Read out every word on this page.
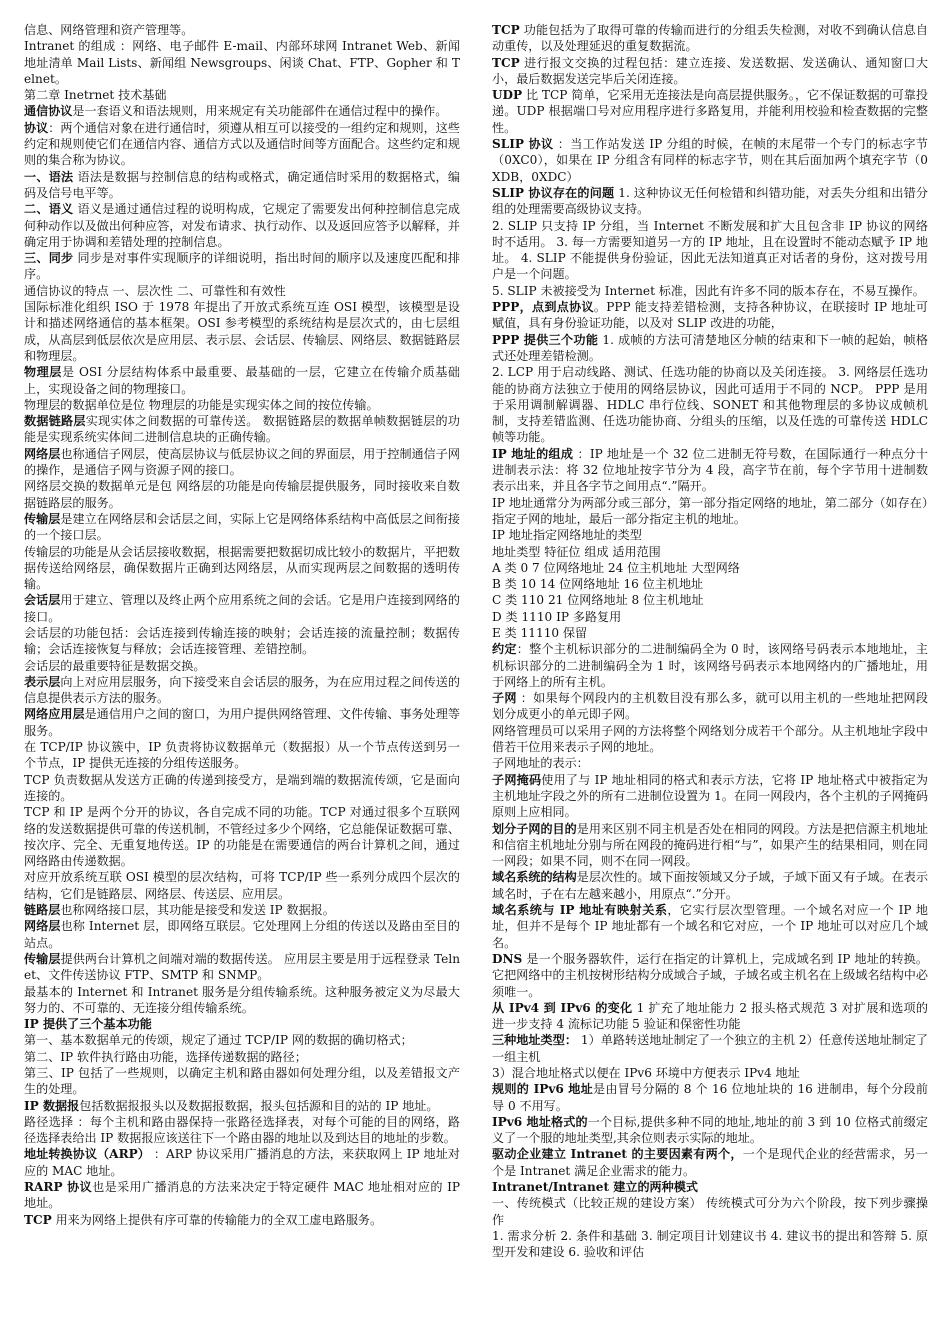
信息、网络管理和资产管理等。

Intranet 的组成 ：网络、电子邮件 E-mail、内部环球网 Intranet Web、新闻地址清单 Mail Lists、新闻组 Newsgroups、闲谈 Chat、FTP、Gopher 和 Telnet。

第二章 Inetrnet 技术基础

通信协议是一套语义和语法规则，用来规定有关功能部件在通信过程中的操作。

协议：两个通信对象在进行通信时，须遵从相互可以接受的一组约定和规则，这些约定和规则使它们在通信内容、通信方式以及通信时间等方面配合。这些约定和规则的集合称为协议。

一、语法 语法是数据与控制信息的结构或格式，确定通信时采用的数据格式，编码及信号电平等。

二、语义 语义是通过通信过程的说明构成，它规定了需要发出何种控制信息完成何种动作以及做出何种应答，对发布请求、执行动作、以及返回应答予以解释，并确定用于协调和差错处理的控制信息。

三、同步 同步是对事件实现顺序的详细说明，指出时间的顺序以及速度匹配和排序。

通信协议的特点 一、层次性 二、可靠性和有效性

国际标准化组织 ISO 于 1978 年提出了开放式系统互连 OSI 模型，该模型是设计和描述网络通信的基本框架。OSI 参考模型的系统结构是层次式的，由七层组成，从高层到低层依次是应用层、表示层、会话层、传输层、网络层、数据链路层和物理层。

物理层是 OSI 分层结构体系中最重要、最基础的一层，它建立在传输介质基础上，实现设备之间的物理接口。

物理层的数据单位是位 物理层的功能是实现实体之间的按位传输。

数据链路层实现实体之间数据的可靠传送。 数据链路层的数据单帧数据链层的功能是实现系统实体间二进制信息块的正确传输。

网络层也称通信子网层，使高层协议与低层协议之间的界面层，用于控制通信子网的操作，是通信子网与资源子网的接口。

网络层交换的数据单元是包 网络层的功能是向传输层提供服务，同时接收来自数据链路层的服务。

传输层是建立在网络层和会话层之间，实际上它是网络体系结构中高低层之间衔接的一个接口层。

传输层的功能是从会话层接收数据，根据需要把数据切成比较小的数据片，平把数据传送给网络层，确保数据片正确到达网络层，从而实现两层之间数据的透明传输。

会话层用于建立、管理以及终止两个应用系统之间的会话。它是用户连接到网络的接口。

会话层的功能包括：会话连接到传输连接的映射；会话连接的流量控制；数据传输；会话连接恢复与释放；会话连接管理、差错控制。

会话层的最重要特征是数据交换。

表示层向上对应用层服务，向下接受来自会话层的服务，为在应用过程之间传送的信息提供表示方法的服务。

网络应用层是通信用户之间的窗口，为用户提供网络管理、文件传输、事务处理等服务。

在 TCP/IP 协议簇中，IP 负责将协议数据单元（数据报）从一个节点传送到另一个节点，IP 提供无连接的分组传送服务。

TCP 负责数据从发送方正确的传递到接受方，是端到端的数据流传颂，它是面向连接的。

TCP 和 IP 是两个分开的协议，各自完成不同的功能。TCP 对通过很多个互联网络的发送数据提供可靠的传送机制，不管经过多少个网络，它总能保证数据可靠、按次序、完全、无重复地传送。IP 的功能是在需要通信的两台计算机之间，通过网络路由传递数据。

对应开放系统互联 OSI 模型的层次结构，可将 TCP/IP 些一系列分成四个层次的结构，它们是链路层、网络层、传送层、应用层。

链路层也称网络接口层，其功能是接受和发送 IP 数据报。

网络层也称 Internet 层，即网络互联层。它处理网上分组的传送以及路由至目的站点。

传输层提供两台计算机之间端对端的数据传送。 应用层主要是用于远程登录 Telnet、文件传送协议 FTP、SMTP 和 SNMP。

最基本的 Internet 和 Intranet 服务是分组传输系统。这种服务被定义为尽最大努力的、不可靠的、无连接分组传输系统。

IP 提供了三个基本功能

第一、基本数据单元的传颂，规定了通过 TCP/IP 网的数据的确切格式；

第二、IP 软件执行路由功能，选择传递数据的路径；

第三、IP 包括了一些规则，以确定主机和路由器如何处理分组，以及差错报文产生的处理。

IP 数据报包括数据报报头以及数据报数据，报头包括源和目的站的 IP 地址。

路径选择 ：每个主机和路由器保持一张路径选择表，对每个可能的目的网络，路径选择表给出 IP 数据报应该送往下一个路由器的地址以及到达目的地址的步数。

地址转换协议（ARP） ：ARP 协议采用广播消息的方法，来获取网上 IP 地址对应的 MAC 地址。

RARP 协议也是采用广播消息的方法来决定于特定硬件 MAC 地址相对应的 IP 地址。

TCP 用来为网络上提供有序可靠的传输能力的全双工虚电路服务。

TCP 功能包括为了取得可靠的传输而进行的分组丢失检测，对收不到确认信息自动重传，以及处理延迟的重复数据流。

TCP 进行报文交换的过程包括：建立连接、发送数据、发送确认、通知窗口大小，最后数据发送完毕后关闭连接。

UDP 比 TCP 简单，它采用无连接法是向高层提供服务。，它不保证数据的可靠投递。UDP 根据端口号对应用程序进行多路复用，并能利用校验和检查数据的完整性。

SLIP 协议 ：当工作站发送 IP 分组的时候，在帧的末尾带一个专门的标志字节（0XC0），如果在 IP 分组含有同样的标志字节，则在其后面加两个填充字节（0XDB，0XDC）

SLIP 协议存在的问题 1. 这种协议无任何检错和纠错功能，对丢失分组和出错分组的处理需要高级协议支持。

2. SLIP 只支持 IP 分组，当 Internet 不断发展和扩大且包含非 IP 协议的网络时不适用。 3. 每一方需要知道另一方的 IP 地址，且在设置时不能动态赋予 IP 地址。 4. SLIP 不能提供身份验证，因此无法知道真正对话者的身份，这对拨号用户是一个问题。

5. SLIP 未被接受为 Internet 标准，因此有许多不同的版本存在，不易互操作。

PPP，点到点协议。PPP 能支持差错检测，支持各种协议，在联接时 IP 地址可赋值，具有身份验证功能，以及对 SLIP 改进的功能，

PPP 提供三个功能 1. 成帧的方法可清楚地区分帧的结束和下一帧的起始，帧格式还处理差错检测。

2. LCP 用于启动线路、测试、任选功能的协商以及关闭连接。 3. 网络层任选功能的协商方法独立于使用的网络层协议，因此可适用于不同的 NCP。 PPP 是用于采用调制解调器、HDLC 串行位线、SONET 和其他物理层的多协议成帧机制，支持差错监测、任选功能协商、分组头的压缩，以及任选的可靠传送 HDLC 帧等功能。

IP 地址的组成 ：IP 地址是一个 32 位二进制无符号数，在国际通行一种点分十进制表示法：将 32 位地址按字节分为 4 段，高字节在前，每个字节用十进制数表示出来，并且各字节之间用点“.”隔开。

IP 地址通常分为两部分或三部分，第一部分指定网络的地址，第二部分（如存在）指定子网的地址，最后一部分指定主机的地址。

IP 地址指定网络地址的类型

地址类型 特征位 组成 适用范围

A 类 0 7 位网络地址 24 位主机地址 大型网络

B 类 10 14 位网络地址 16 位主机地址

C 类 110 21 位网络地址 8 位主机地址

D 类 1110 IP 多路复用

E 类 11110 保留

约定：整个主机标识部分的二进制编码全为 0 时，该网络号码表示本地地址，主机标识部分的二进制编码全为 1 时，该网络号码表示本地网络内的广播地址，用于网络上的所有主机。

子网 ：如果每个网段内的主机数目没有那么多，就可以用主机的一些地址把网段划分成更小的单元即子网。

网络管理员可以采用子网的方法将整个网络划分成若干个部分。从主机地址字段中借若干位用来表示子网的地址。

子网地址的表示：

子网掩码使用了与 IP 地址相同的格式和表示方法，它将 IP 地址格式中被指定为主机地址字段之外的所有二进制位设置为 1。在同一网段内，各个主机的子网掩码原则上应相同。

划分子网的目的是用来区别不同主机是否处在相同的网段。方法是把信源主机地址和信宿主机地址分别与所在网段的掩码进行相“与”，如果产生的结果相同，则在同一网段；如果不同，则不在同一网段。

域名系统的结构是层次性的。域下面按领域又分子域，子域下面又有子域。在表示域名时，子在右左越来越小，用原点“.”分开。

域名系统与 IP 地址有映射关系，它实行层次型管理。一个域名对应一个 IP 地址，但并不是每个 IP 地址都有一个域名和它对应，一个 IP 地址可以对应几个域名。

DNS 是一个服务器软件，运行在指定的计算机上，完成域名到 IP 地址的转换。它把网络中的主机按树形结构分成域合子域，子域名或主机名在上级域名结构中必须唯一。

从 IPv4 到 IPv6 的变化 1 扩充了地址能力 2 报头格式规范 3 对扩展和选项的进一步支持 4 流标记功能 5 验证和保密性功能

三种地址类型： 1）单路转送地址制定了一个独立的主机 2）任意传送地址制定了一组主机

3）混合地址格式以便在 IPv6 环境中方便表示 IPv4 地址

规则的 IPv6 地址是由冒号分隔的 8 个 16 位地址块的 16 进制串，每个分段前导 0 不用写。

IPv6 地址格式的一个目标,提供多种不同的地址,地址的前 3 到 10 位格式前缀定义了一个服的地址类型,其余位则表示实际的地址。

驱动企业建立 Intranet 的主要因素有两个，一个是现代企业的经营需求，另一个是 Intranet 满足企业需求的能力。

Intranet/Intranet 建立的两种模式

一、传统模式（比较正规的建设方案） 传统模式可分为六个阶段，按下列步骤操作

1. 需求分析 2. 条件和基础 3. 制定项目计划建议书 4. 建议书的提出和答辩 5. 原型开发和建设 6. 验收和评估
